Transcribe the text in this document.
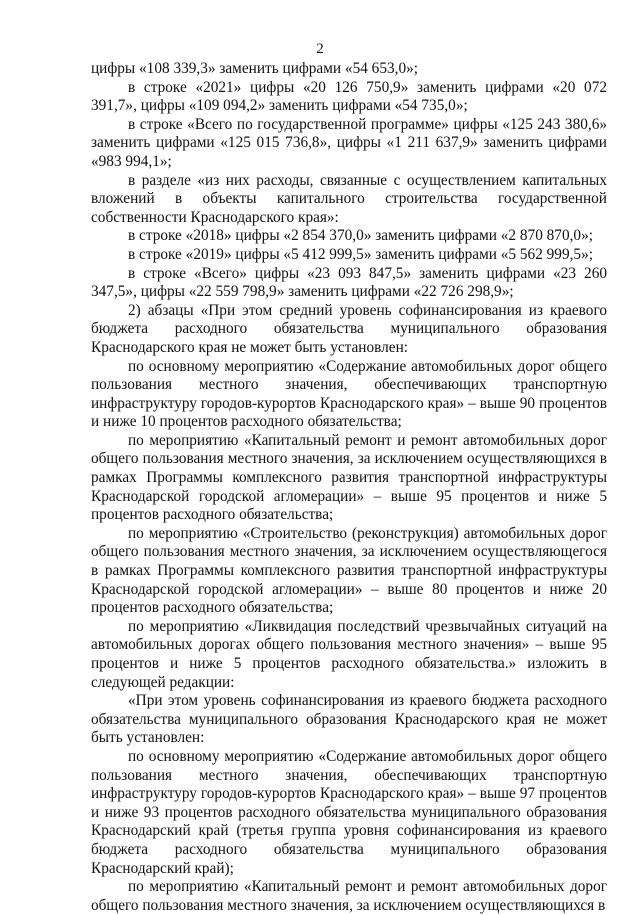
2

цифры «108 339,3» заменить цифрами «54 653,0»;

в строке «2021» цифры «20 126 750,9» заменить цифрами «20 072 391,7», цифры «109 094,2» заменить цифрами «54 735,0»;

в строке «Всего по государственной программе» цифры «125 243 380,6» заменить цифрами «125 015 736,8», цифры «1 211 637,9» заменить цифрами «983 994,1»;

в разделе «из них расходы, связанные с осуществлением капитальных вложений в объекты капитального строительства государственной собственности Краснодарского края»:

в строке «2018» цифры «2 854 370,0» заменить цифрами «2 870 870,0»;

в строке «2019» цифры «5 412 999,5» заменить цифрами «5 562 999,5»;

в строке «Всего» цифры «23 093 847,5» заменить цифрами «23 260 347,5», цифры «22 559 798,9» заменить цифрами «22 726 298,9»;

2) абзацы «При этом средний уровень софинансирования из краевого бюджета расходного обязательства муниципального образования Краснодарского края не может быть установлен:

по основному мероприятию «Содержание автомобильных дорог общего пользования местного значения, обеспечивающих транспортную инфраструктуру городов-курортов Краснодарского края» – выше 90 процентов и ниже 10 процентов расходного обязательства;

по мероприятию «Капитальный ремонт и ремонт автомобильных дорог общего пользования местного значения, за исключением осуществляющихся в рамках Программы комплексного развития транспортной инфраструктуры Краснодарской городской агломерации» – выше 95 процентов и ниже 5 процентов расходного обязательства;

по мероприятию «Строительство (реконструкция) автомобильных дорог общего пользования местного значения, за исключением осуществляющегося в рамках Программы комплексного развития транспортной инфраструктуры Краснодарской городской агломерации» – выше 80 процентов и ниже 20 процентов расходного обязательства;

по мероприятию «Ликвидация последствий чрезвычайных ситуаций на автомобильных дорогах общего пользования местного значения» – выше 95 процентов и ниже 5 процентов расходного обязательства.» изложить в следующей редакции:

«При этом уровень софинансирования из краевого бюджета расходного обязательства муниципального образования Краснодарского края не может быть установлен:

по основному мероприятию «Содержание автомобильных дорог общего пользования местного значения, обеспечивающих транспортную инфраструктуру городов-курортов Краснодарского края» – выше 97 процентов и ниже 93 процентов расходного обязательства муниципального образования Краснодарский край (третья группа уровня софинансирования из краевого бюджета расходного обязательства муниципального образования Краснодарский край);

по мероприятию «Капитальный ремонт и ремонт автомобильных дорог общего пользования местного значения, за исключением осуществляющихся в
